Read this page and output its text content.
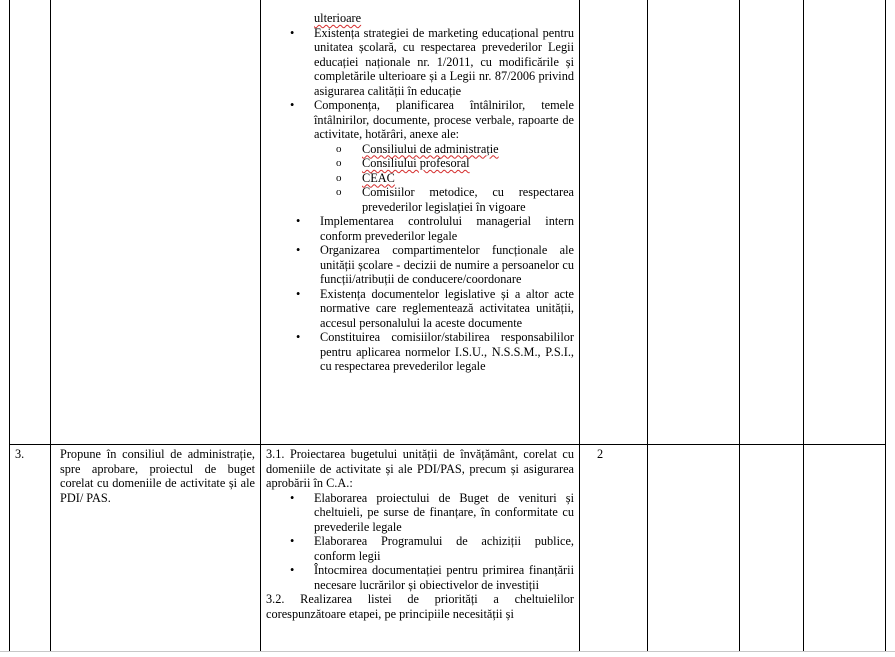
ulterioare
• Existența strategiei de marketing educațional pentru unitatea școlară, cu respectarea prevederilor Legii educației naționale nr. 1/2011, cu modificările și completările ulterioare și a Legii nr. 87/2006 privind asigurarea calității în educație
• Componența, planificarea întâlnirilor, temele întâlnirilor, documente, procese verbale, rapoarte de activitate, hotărâri, anexe ale:
o Consiliului de administrație
o Consiliului profesoral
o CEAC
o Comisiilor metodice, cu respectarea prevederilor legislației în vigoare
• Implementarea controlului managerial intern conform prevederilor legale
• Organizarea compartimentelor funcționale ale unității școlare - decizii de numire a persoanelor cu funcții/atribuții de conducere/coordonare
• Existența documentelor legislative și a altor acte normative care reglementează activitatea unității, accesul personalului la aceste documente
• Constituirea comisiilor/stabilirea responsabililor pentru aplicarea normelor I.S.U., N.S.S.M., P.S.I., cu respectarea prevederilor legale
3.	Propune în consiliul de administrație, spre aprobare, proiectul de buget corelat cu domeniile de activitate și ale PDI/ PAS.
3.1. Proiectarea bugetului unității de învățământ, corelat cu domeniile de activitate și ale PDI/PAS, precum și asigurarea aprobării în C.A.:
• Elaborarea proiectului de Buget de venituri și cheltuieli, pe surse de finanțare, în conformitate cu prevederile legale
• Elaborarea Programului de achiziții publice, conform legii
• Întocmirea documentației pentru primirea finanțării necesare lucrărilor și obiectivelor de investiții
3.2. Realizarea listei de priorități a cheltuielilor corespunzătoare etapei, pe principiile necesității și
2
